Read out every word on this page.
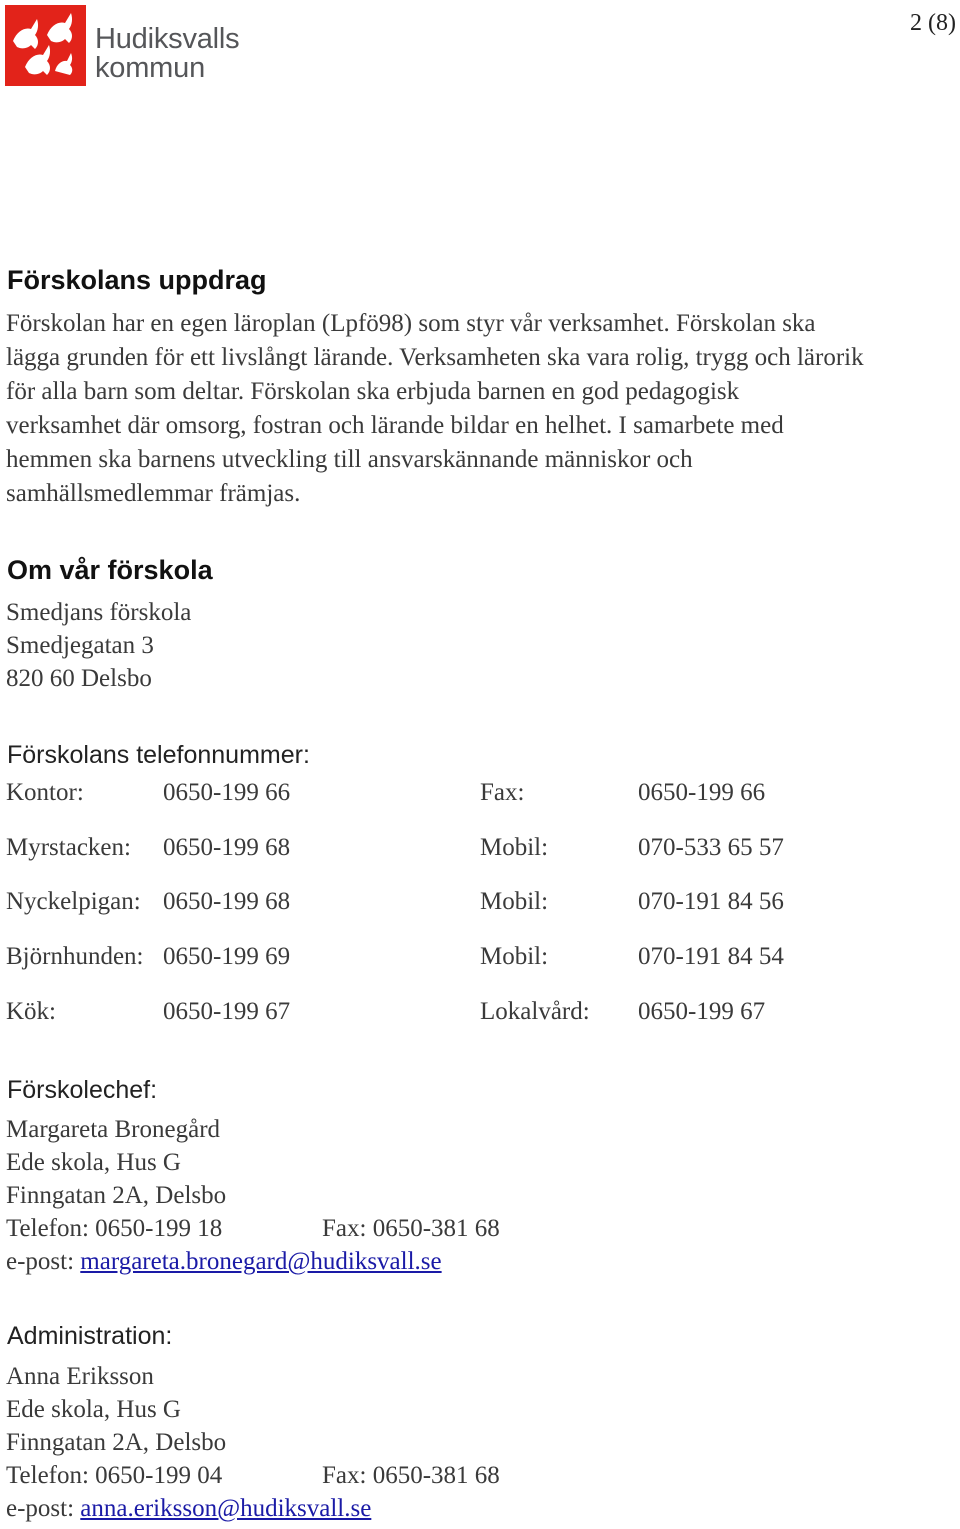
Hudiksvalls
kommun
2 (8)
Förskolans uppdrag
Förskolan har en egen läroplan (Lpfö98) som styr vår verksamhet. Förskolan ska
lägga grunden för ett livslångt lärande. Verksamheten ska vara rolig, trygg och lärorik
för alla barn som deltar. Förskolan ska erbjuda barnen en god pedagogisk
verksamhet där omsorg, fostran och lärande bildar en helhet. I samarbete med
hemmen ska barnens utveckling till ansvarskännande människor och
samhällsmedlemmar främjas.
Om vår förskola
Smedjans förskola
Smedjegatan 3
820 60 Delsbo
Förskolans telefonnummer:
Kontor:	0650-199 66	Fax:	0650-199 66
Myrstacken: 0650-199 68	Mobil:	070-533 65 57
Nyckelpigan: 0650-199 68	Mobil:	070-191 84 56
Björnhunden: 0650-199 69	Mobil:	070-191 84 54
Kök:	0650-199 67	Lokalvård: 0650-199 67
Förskolechef:
Margareta Bronegård
Ede skola, Hus G
Finngatan 2A, Delsbo
Telefon: 0650-199 18	Fax: 0650-381 68
e-post: margareta.bronegard@hudiksvall.se
Administration:
Anna Eriksson
Ede skola, Hus G
Finngatan 2A, Delsbo
Telefon: 0650-199 04	Fax: 0650-381 68
e-post: anna.eriksson@hudiksvall.se
